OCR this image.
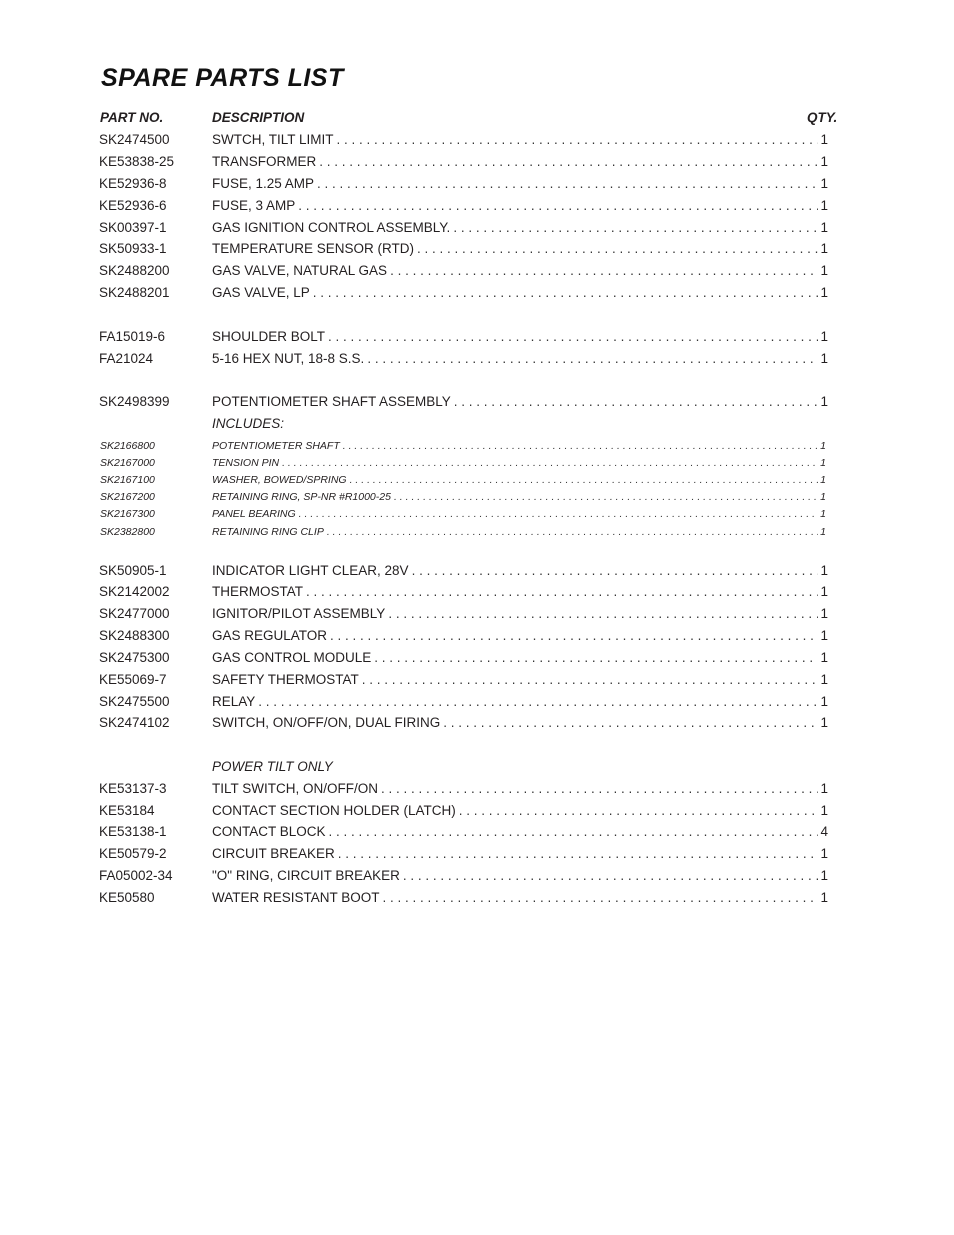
SPARE PARTS LIST
PART NO.	DESCRIPTION	QTY.
SK2474500	SWTCH, TILT LIMIT . . .	1
KE53838-25	TRANSFORMER . . .	1
KE52936-8	FUSE, 1.25 AMP . . .	1
KE52936-6	FUSE, 3 AMP . . .	1
SK00397-1	GAS IGNITION CONTROL ASSEMBLY. . . .	1
SK50933-1	TEMPERATURE SENSOR (RTD) . . .	1
SK2488200	GAS VALVE, NATURAL GAS . . .	1
SK2488201	GAS VALVE, LP . . .	1
FA15019-6	SHOULDER BOLT . . .	1
FA21024	5-16 HEX NUT, 18-8 S.S. . . .	1
SK2498399	POTENTIOMETER SHAFT ASSEMBLY . . .	1
INCLUDES:
SK2166800	POTENTIOMETER SHAFT . . .	1
SK2167000	TENSION PIN . . .	1
SK2167100	WASHER, BOWED/SPRING . . .	1
SK2167200	RETAINING RING, SP-NR #R1000-25 . . .	1
SK2167300	PANEL BEARING . . .	1
SK2382800	RETAINING RING CLIP . . .	1
SK50905-1	INDICATOR LIGHT CLEAR, 28V . . .	1
SK2142002	THERMOSTAT . . .	1
SK2477000	IGNITOR/PILOT ASSEMBLY . . .	1
SK2488300	GAS REGULATOR . . .	1
SK2475300	GAS CONTROL MODULE . . .	1
KE55069-7	SAFETY THERMOSTAT . . .	1
SK2475500	RELAY . . .	1
SK2474102	SWITCH, ON/OFF/ON, DUAL FIRING . . .	1
POWER TILT ONLY
KE53137-3	TILT SWITCH, ON/OFF/ON . . .	1
KE53184	CONTACT SECTION HOLDER (LATCH) . . .	1
KE53138-1	CONTACT BLOCK . . .	4
KE50579-2	CIRCUIT BREAKER . . .	1
FA05002-34	"O" RING, CIRCUIT BREAKER . . .	1
KE50580	WATER RESISTANT BOOT . . .	1
